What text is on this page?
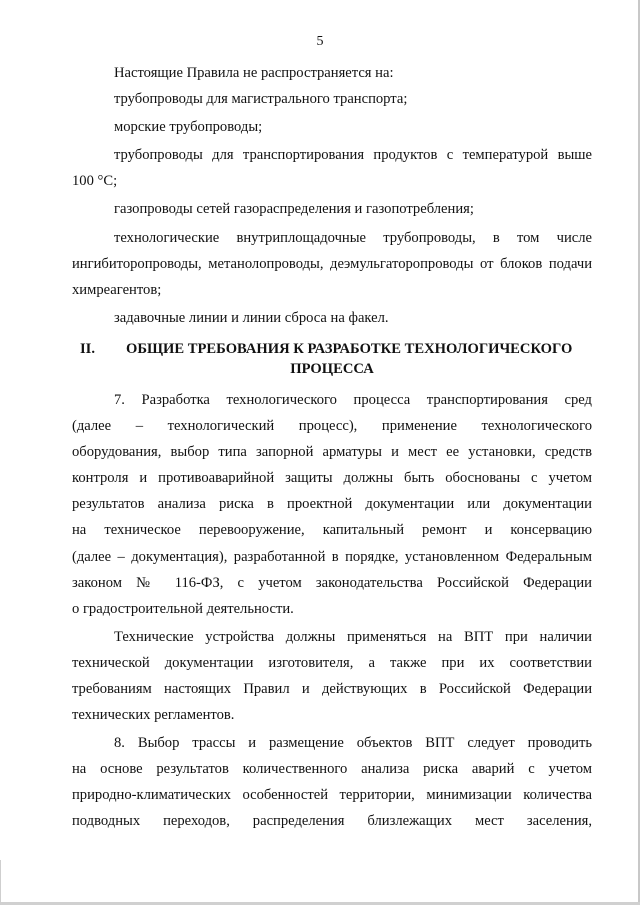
5
Настоящие Правила не распространяется на:
трубопроводы для магистрального транспорта;
морские трубопроводы;
трубопроводы для транспортирования продуктов с температурой выше
100 °С;
газопроводы сетей газораспределения и газопотребления;
технологические внутриплощадочные трубопроводы, в том числе
ингибиторопроводы, метанолопроводы, деэмульгаторопроводы от блоков подачи
химреагентов;
задавочные линии и линии сброса на факел.
II. ОБЩИЕ ТРЕБОВАНИЯ К РАЗРАБОТКЕ ТЕХНОЛОГИЧЕСКОГО
ПРОЦЕССА
7. Разработка технологического процесса транспортирования сред
(далее – технологический процесс), применение технологического
оборудования, выбор типа запорной арматуры и мест ее установки, средств
контроля и противоаварийной защиты должны быть обоснованы с учетом
результатов анализа риска в проектной документации или документации
на техническое перевооружение, капитальный ремонт и консервацию
(далее – документация), разработанной в порядке, установленном Федеральным
законом № 116-ФЗ, с учетом законодательства Российской Федерации
о градостроительной деятельности.
Технические устройства должны применяться на ВПТ при наличии
технической документации изготовителя, а также при их соответствии
требованиям настоящих Правил и действующих в Российской Федерации
технических регламентов.
8. Выбор трассы и размещение объектов ВПТ следует проводить
на основе результатов количественного анализа риска аварий с учетом
природно-климатических особенностей территории, минимизации количества
подводных переходов, распределения близлежащих мест заселения,
